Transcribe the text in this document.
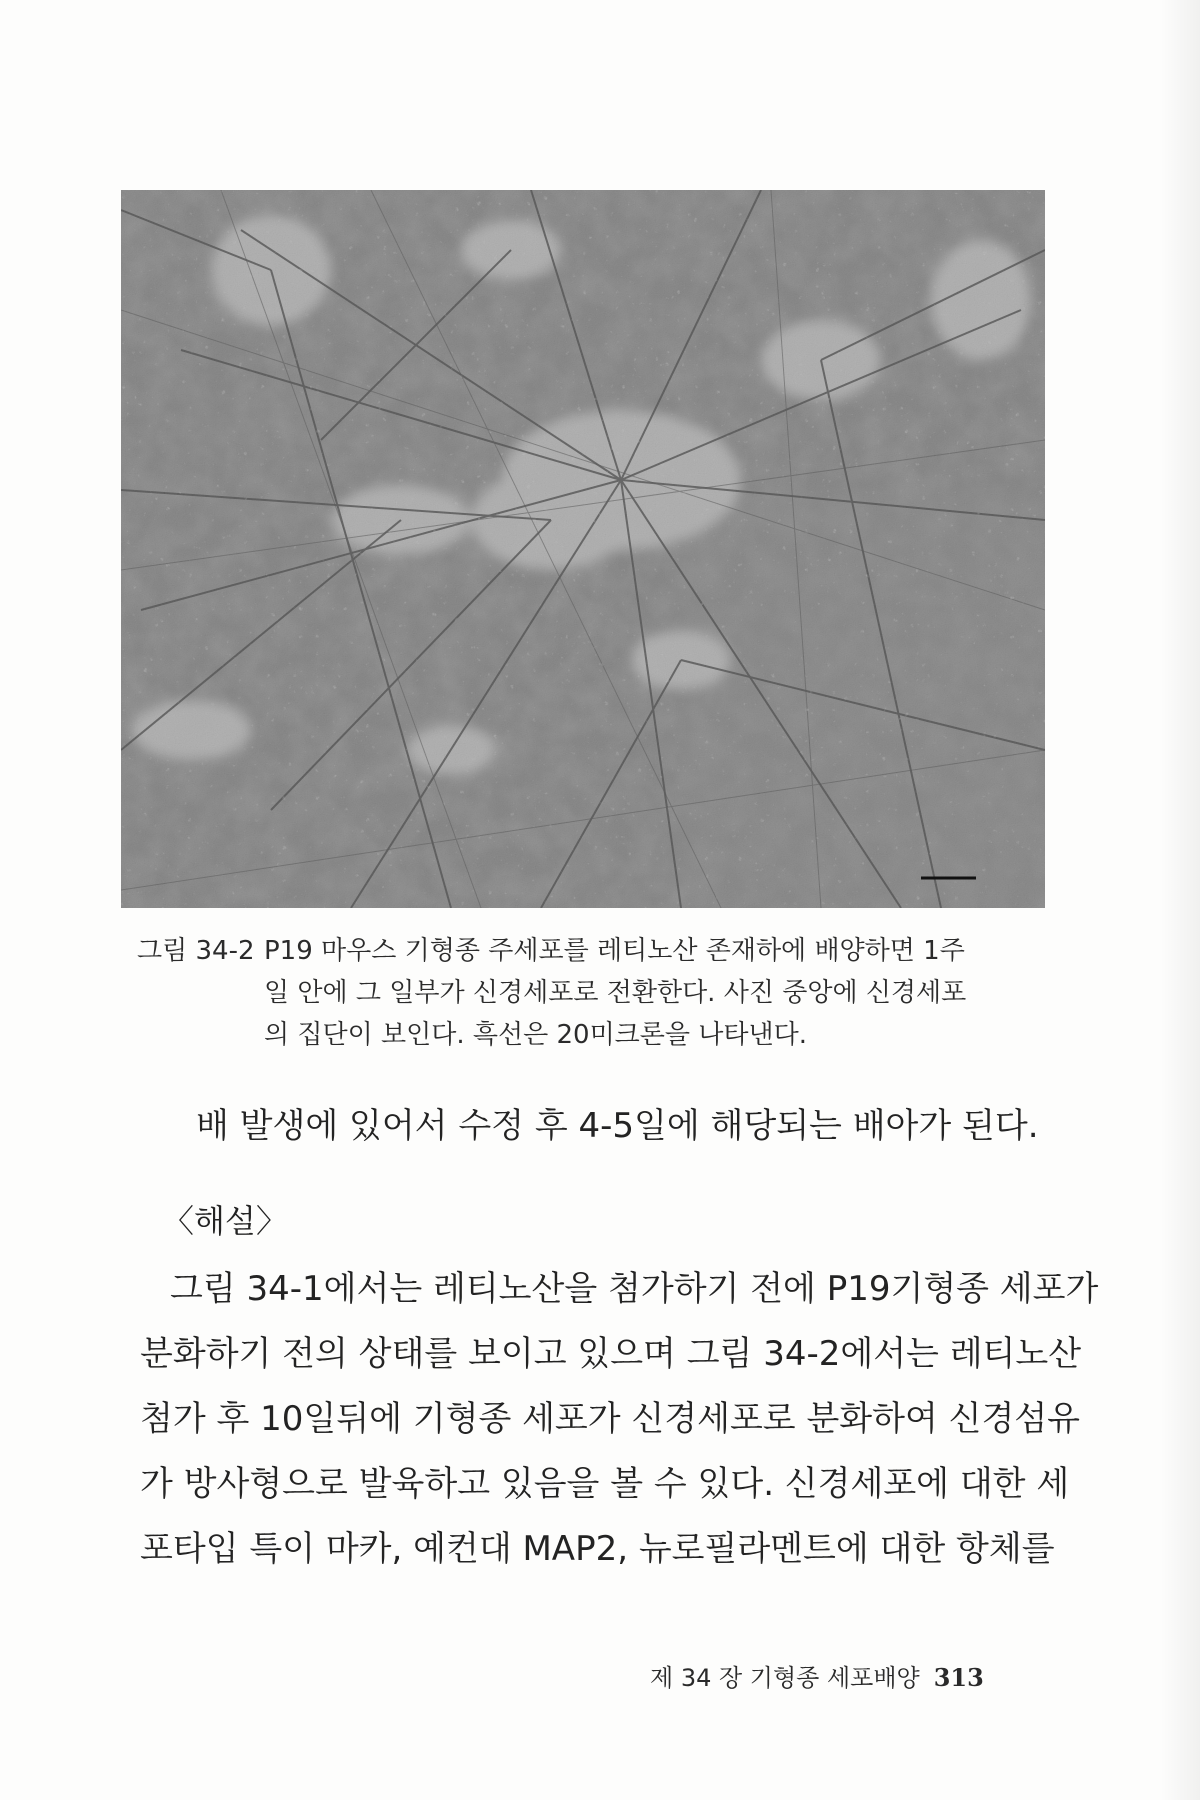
그림 34-2 P19 마우스 기형종 주세포를 레티노산 존재하에 배양하면 1주
일 안에 그 일부가 신경세포로 전환한다. 사진 중앙에 신경세포
의 집단이 보인다. 흑선은 20미크론을 나타낸다.
배 발생에 있어서 수정 후 4-5일에 해당되는 배아가 된다.
〈해설〉
그림 34-1에서는 레티노산을 첨가하기 전에 P19기형종 세포가
분화하기 전의 상태를 보이고 있으며 그림 34-2에서는 레티노산
첨가 후 10일뒤에 기형종 세포가 신경세포로 분화하여 신경섬유
가 방사형으로 발육하고 있음을 볼 수 있다. 신경세포에 대한 세
포타입 특이 마카, 예컨대 MAP2, 뉴로필라멘트에 대한 항체를
제 34 장 기형종 세포배양 313
